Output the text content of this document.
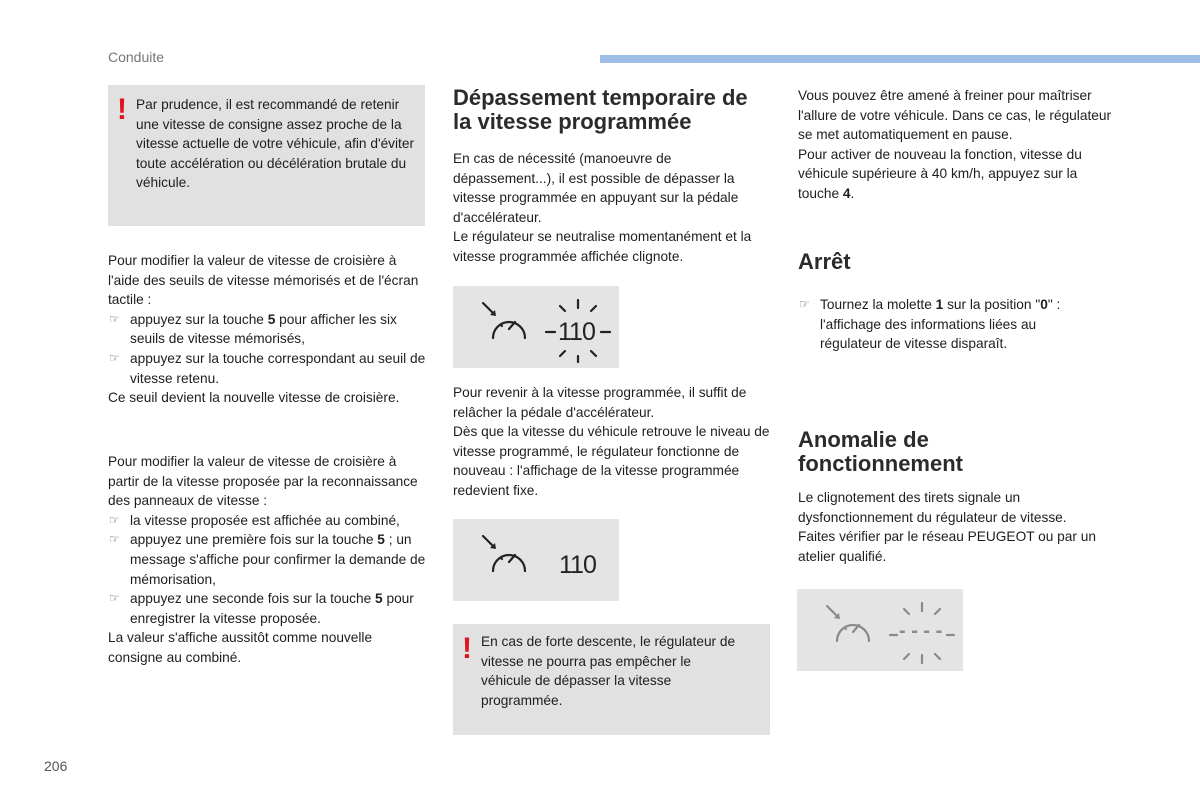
Conduite
! Par prudence, il est recommandé de retenir une vitesse de consigne assez proche de la vitesse actuelle de votre véhicule, afin d'éviter toute accélération ou décélération brutale du véhicule.
Pour modifier la valeur de vitesse de croisière à l'aide des seuils de vitesse mémorisés et de l'écran tactile :
☞ appuyez sur la touche 5 pour afficher les six seuils de vitesse mémorisés,
☞ appuyez sur la touche correspondant au seuil de vitesse retenu.
Ce seuil devient la nouvelle vitesse de croisière.
Pour modifier la valeur de vitesse de croisière à partir de la vitesse proposée par la reconnaissance des panneaux de vitesse :
☞ la vitesse proposée est affichée au combiné,
☞ appuyez une première fois sur la touche 5 ; un message s'affiche pour confirmer la demande de mémorisation,
☞ appuyez une seconde fois sur la touche 5 pour enregistrer la vitesse proposée.
La valeur s'affiche aussitôt comme nouvelle consigne au combiné.
Dépassement temporaire de
la vitesse programmée
En cas de nécessité (manoeuvre de dépassement...), il est possible de dépasser la vitesse programmée en appuyant sur la pédale d'accélérateur.
Le régulateur se neutralise momentanément et la vitesse programmée affichée clignote.
110
Pour revenir à la vitesse programmée, il suffit de relâcher la pédale d'accélérateur.
Dès que la vitesse du véhicule retrouve le niveau de vitesse programmé, le régulateur fonctionne de nouveau : l'affichage de la vitesse programmée redevient fixe.
110
! En cas de forte descente, le régulateur de vitesse ne pourra pas empêcher le véhicule de dépasser la vitesse programmée.
Vous pouvez être amené à freiner pour maîtriser l'allure de votre véhicule. Dans ce cas, le régulateur se met automatiquement en pause.
Pour activer de nouveau la fonction, vitesse du véhicule supérieure à 40 km/h, appuyez sur la touche 4.
Arrêt
☞ Tournez la molette 1 sur la position "0" : l'affichage des informations liées au régulateur de vitesse disparaît.
Anomalie de
fonctionnement
Le clignotement des tirets signale un dysfonctionnement du régulateur de vitesse.
Faites vérifier par le réseau PEUGEOT ou par un atelier qualifié.
- - - -
206
